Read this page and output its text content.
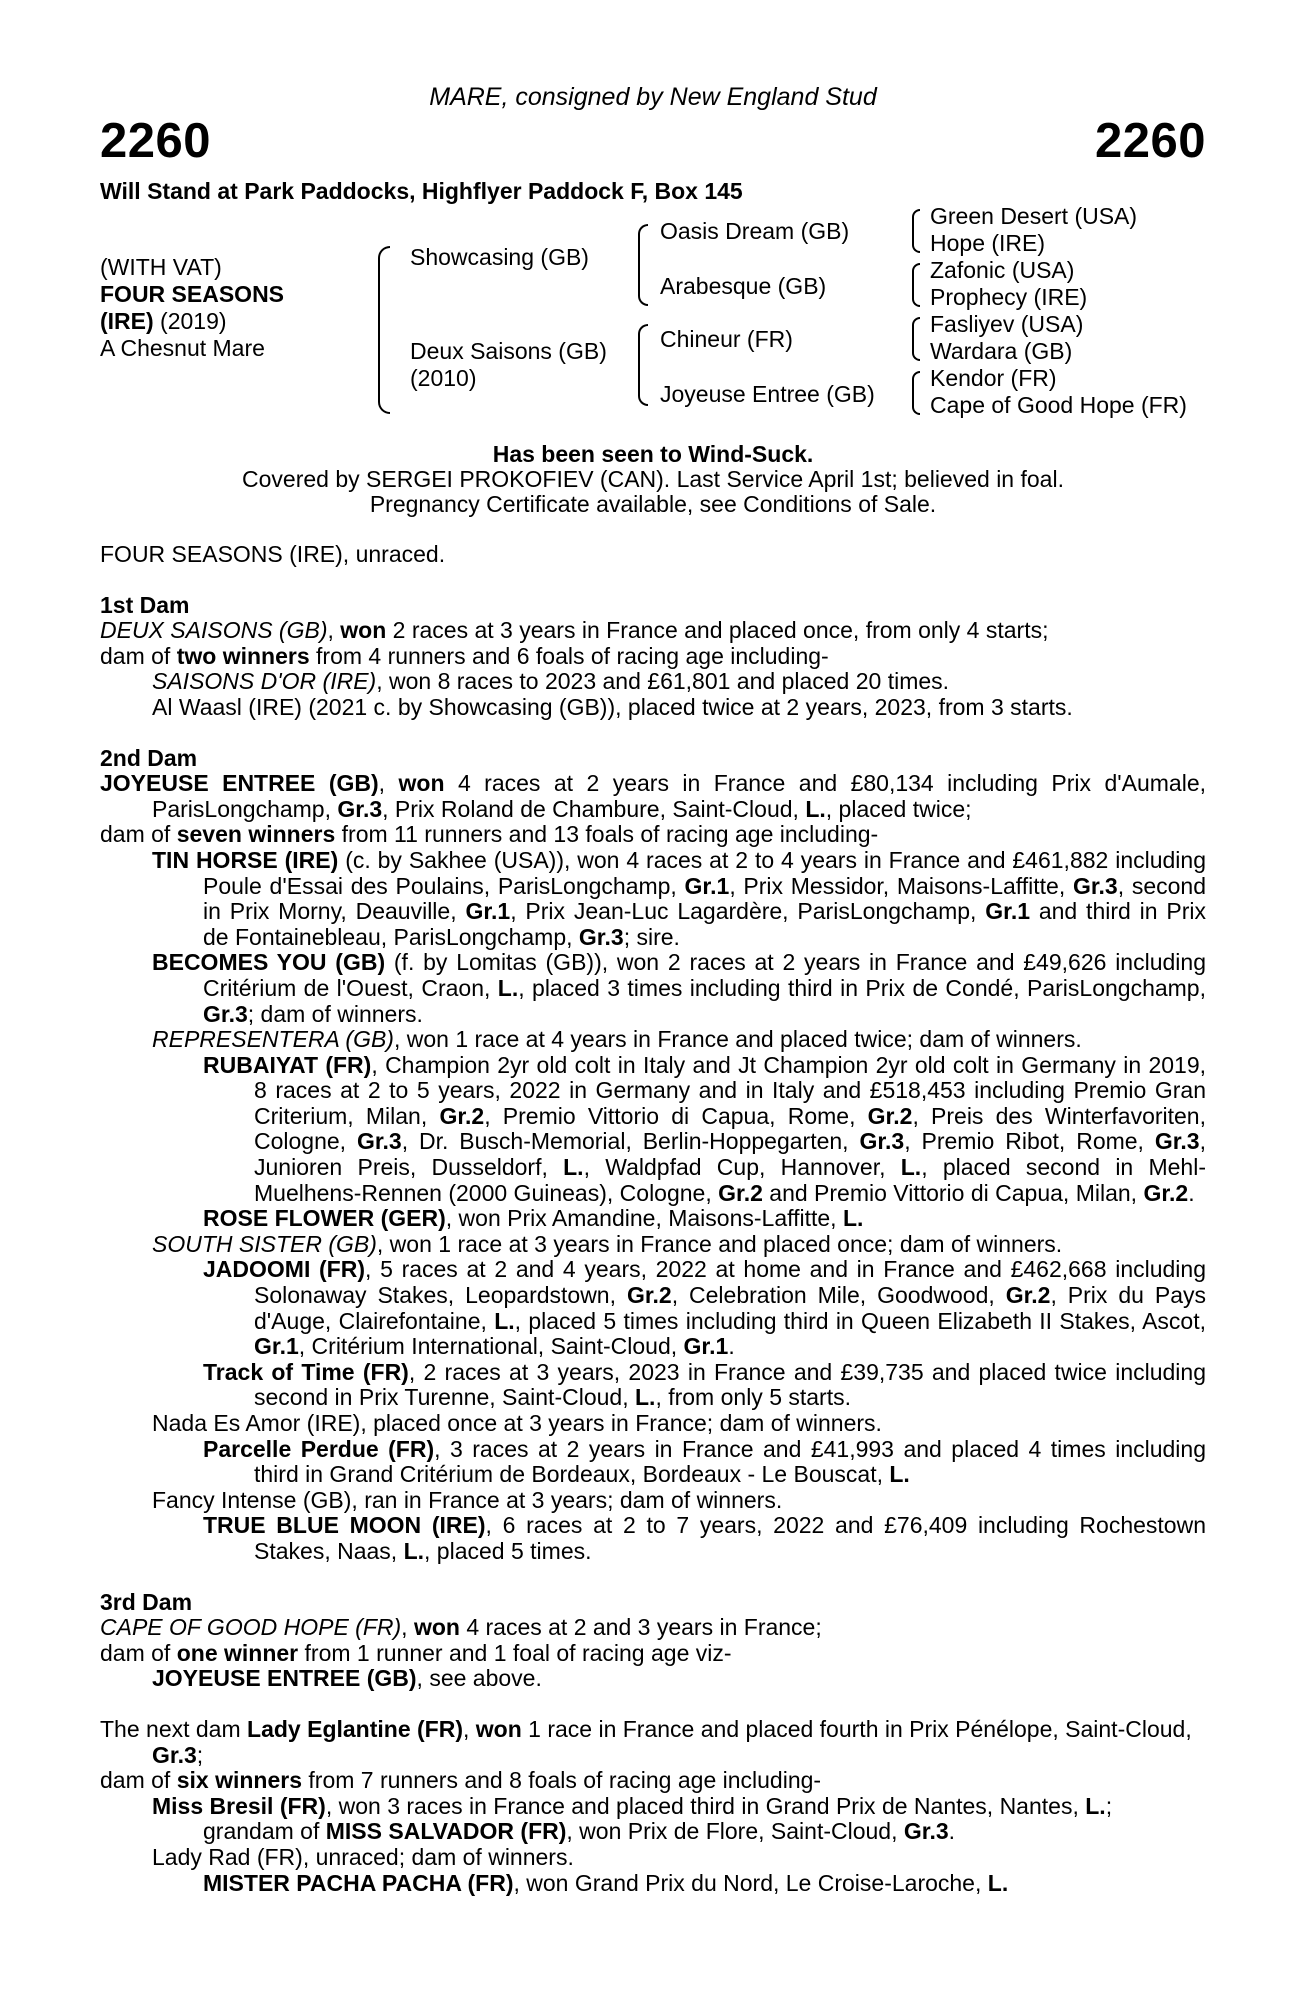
MARE, consigned by New England Stud
2260	2260
Will Stand at Park Paddocks, Highflyer Paddock F, Box 145
(WITH VAT)
FOUR SEASONS
(IRE) (2019)
A Chesnut Mare
Showcasing (GB)
Deux Saisons (GB)
(2010)
Oasis Dream (GB)
Arabesque (GB)
Chineur (FR)
Joyeuse Entree (GB)
Green Desert (USA)
Hope (IRE)
Zafonic (USA)
Prophecy (IRE)
Fasliyev (USA)
Wardara (GB)
Kendor (FR)
Cape of Good Hope (FR)
Has been seen to Wind-Suck.
Covered by SERGEI PROKOFIEV (CAN). Last Service April 1st; believed in foal.
Pregnancy Certificate available, see Conditions of Sale.
FOUR SEASONS (IRE), unraced.
1st Dam
DEUX SAISONS (GB), won 2 races at 3 years in France and placed once, from only 4 starts;
dam of two winners from 4 runners and 6 foals of racing age including-
SAISONS D'OR (IRE), won 8 races to 2023 and £61,801 and placed 20 times.
Al Waasl (IRE) (2021 c. by Showcasing (GB)), placed twice at 2 years, 2023, from 3 starts.
2nd Dam
JOYEUSE ENTREE (GB), won 4 races at 2 years in France and £80,134 including Prix d'Aumale, ParisLongchamp, Gr.3, Prix Roland de Chambure, Saint-Cloud, L., placed twice;
dam of seven winners from 11 runners and 13 foals of racing age including-
TIN HORSE (IRE) (c. by Sakhee (USA)), won 4 races at 2 to 4 years in France and £461,882 including Poule d'Essai des Poulains, ParisLongchamp, Gr.1, Prix Messidor, Maisons-Laffitte, Gr.3, second in Prix Morny, Deauville, Gr.1, Prix Jean-Luc Lagardère, ParisLongchamp, Gr.1 and third in Prix de Fontainebleau, ParisLongchamp, Gr.3; sire.
BECOMES YOU (GB) (f. by Lomitas (GB)), won 2 races at 2 years in France and £49,626 including Critérium de l'Ouest, Craon, L., placed 3 times including third in Prix de Condé, ParisLongchamp, Gr.3; dam of winners.
REPRESENTERA (GB), won 1 race at 4 years in France and placed twice; dam of winners.
RUBAIYAT (FR), Champion 2yr old colt in Italy and Jt Champion 2yr old colt in Germany in 2019, 8 races at 2 to 5 years, 2022 in Germany and in Italy and £518,453 including Premio Gran Criterium, Milan, Gr.2, Premio Vittorio di Capua, Rome, Gr.2, Preis des Winterfavoriten, Cologne, Gr.3, Dr. Busch-Memorial, Berlin-Hoppegarten, Gr.3, Premio Ribot, Rome, Gr.3, Junioren Preis, Dusseldorf, L., Waldpfad Cup, Hannover, L., placed second in Mehl-Muelhens-Rennen (2000 Guineas), Cologne, Gr.2 and Premio Vittorio di Capua, Milan, Gr.2.
ROSE FLOWER (GER), won Prix Amandine, Maisons-Laffitte, L.
SOUTH SISTER (GB), won 1 race at 3 years in France and placed once; dam of winners.
JADOOMI (FR), 5 races at 2 and 4 years, 2022 at home and in France and £462,668 including Solonaway Stakes, Leopardstown, Gr.2, Celebration Mile, Goodwood, Gr.2, Prix du Pays d'Auge, Clairefontaine, L., placed 5 times including third in Queen Elizabeth II Stakes, Ascot, Gr.1, Critérium International, Saint-Cloud, Gr.1.
Track of Time (FR), 2 races at 3 years, 2023 in France and £39,735 and placed twice including second in Prix Turenne, Saint-Cloud, L., from only 5 starts.
Nada Es Amor (IRE), placed once at 3 years in France; dam of winners.
Parcelle Perdue (FR), 3 races at 2 years in France and £41,993 and placed 4 times including third in Grand Critérium de Bordeaux, Bordeaux - Le Bouscat, L.
Fancy Intense (GB), ran in France at 3 years; dam of winners.
TRUE BLUE MOON (IRE), 6 races at 2 to 7 years, 2022 and £76,409 including Rochestown Stakes, Naas, L., placed 5 times.
3rd Dam
CAPE OF GOOD HOPE (FR), won 4 races at 2 and 3 years in France;
dam of one winner from 1 runner and 1 foal of racing age viz-
JOYEUSE ENTREE (GB), see above.
The next dam Lady Eglantine (FR), won 1 race in France and placed fourth in Prix Pénélope, Saint-Cloud, Gr.3;
dam of six winners from 7 runners and 8 foals of racing age including-
Miss Bresil (FR), won 3 races in France and placed third in Grand Prix de Nantes, Nantes, L.; grandam of MISS SALVADOR (FR), won Prix de Flore, Saint-Cloud, Gr.3.
Lady Rad (FR), unraced; dam of winners.
MISTER PACHA PACHA (FR), won Grand Prix du Nord, Le Croise-Laroche, L.
